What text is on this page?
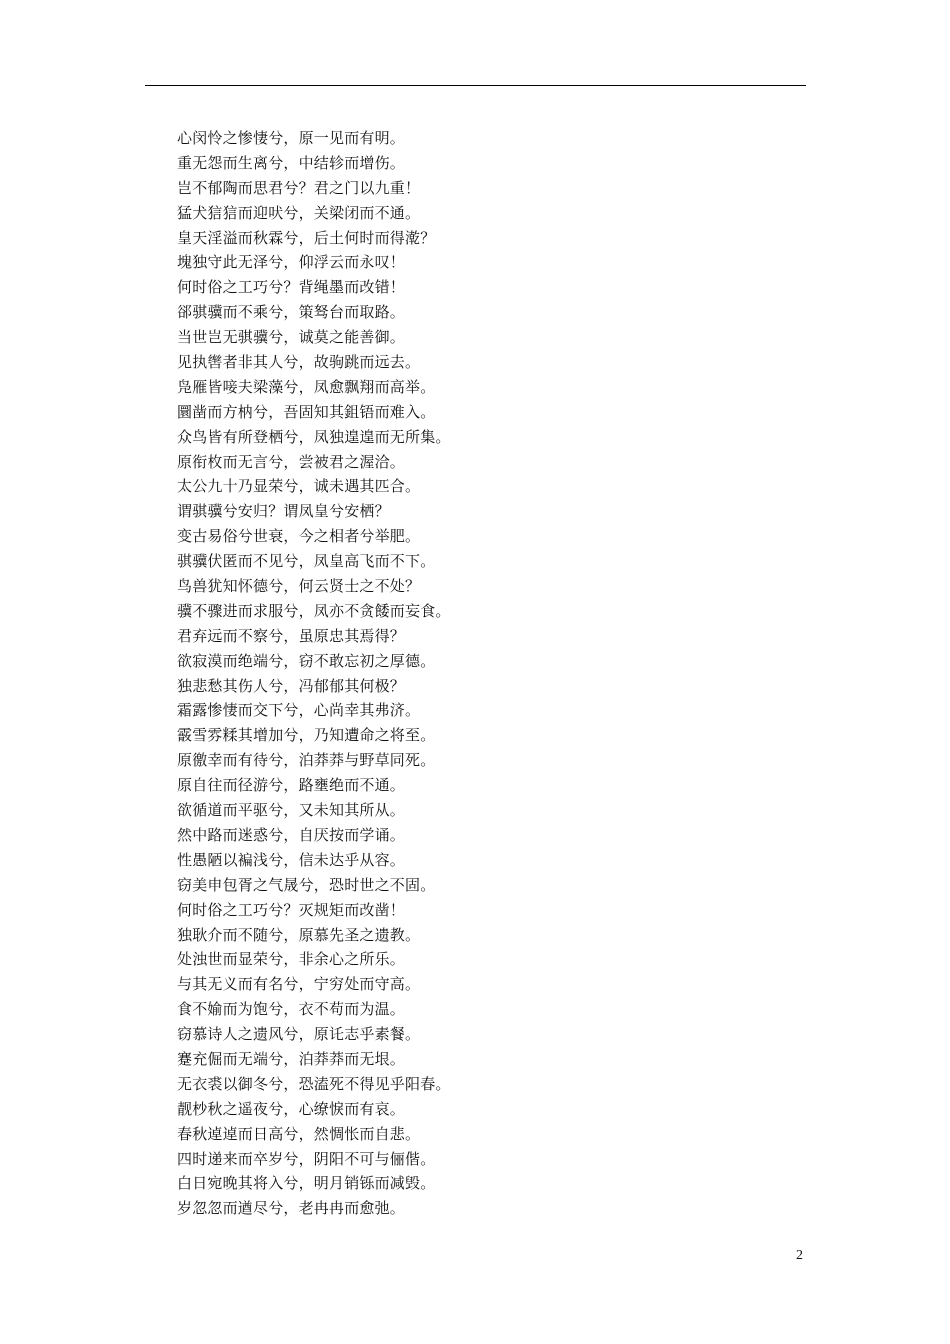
心闵怜之惨悽兮，原一见而有明。
重无怨而生离兮，中结轸而增伤。
岂不郁陶而思君兮？君之门以九重！
猛犬狺狺而迎吠兮，关梁闭而不通。
皇天淫溢而秋霖兮，后土何时而得漧？
塊独守此无泽兮，仰浮云而永叹！
何时俗之工巧兮？背绳墨而改错！
郤骐骥而不乘兮，策驽台而取路。
当世岂无骐骥兮，诚莫之能善御。
见执辔者非其人兮，故驹跳而远去。
凫雁皆唼夫梁藻兮，凤愈飘翔而高举。
圜凿而方枘兮，吾固知其鉏铻而难入。
众鸟皆有所登栖兮，凤独遑遑而无所集。
原衔枚而无言兮，尝被君之渥洽。
太公九十乃显荣兮，诚未遇其匹合。
谓骐骥兮安归？谓凤皇兮安栖？
变古易俗兮世衰，今之相者兮举肥。
骐骥伏匿而不见兮，凤皇高飞而不下。
鸟兽犹知怀德兮，何云贤士之不处？
骥不骤进而求服兮，凤亦不贪餧而妄食。
君弃远而不察兮，虽原忠其焉得？
欲寂漠而绝端兮，窃不敢忘初之厚德。
独悲愁其伤人兮，冯郁郁其何极？
霜露惨悽而交下兮，心尚幸其弗济。
霰雪雰糅其增加兮，乃知遭命之将至。
原徼幸而有待兮，泊莽莽与野草同死。
原自往而径游兮，路壅绝而不通。
欲循道而平驱兮，又未知其所从。
然中路而迷惑兮，自厌按而学诵。
性愚陋以褊浅兮，信未达乎从容。
窃美申包胥之气晟兮，恐时世之不固。
何时俗之工巧兮？灭规矩而改凿！
独耿介而不随兮，原慕先圣之遗教。
处浊世而显荣兮，非余心之所乐。
与其无义而有名兮，宁穷处而守高。
食不媮而为饱兮，衣不苟而为温。
窃慕诗人之遗风兮，原讬志乎素餐。
蹇充倔而无端兮，泊莽莽而无垠。
无衣裘以御冬兮，恐溘死不得见乎阳春。
靓杪秋之遥夜兮，心缭悷而有哀。
春秋逴逴而日高兮，然惆怅而自悲。
四时递来而卒岁兮，阴阳不可与俪偕。
白日宛晚其将入兮，明月销铄而减毁。
岁忽忽而遒尽兮，老冉冉而愈弛。
2
